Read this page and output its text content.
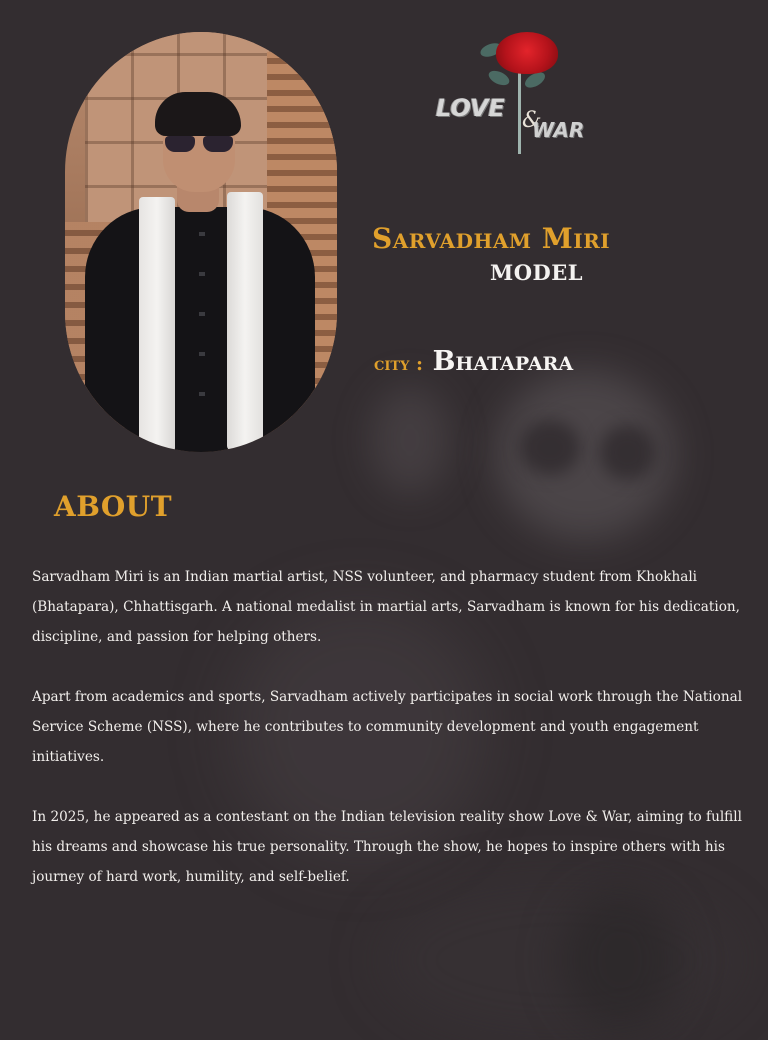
LOVE &
WAR
Sarvadham Miri
MODEL
city : Bhatapara
ABOUT

Sarvadham Miri is an Indian martial artist, NSS volunteer, and pharmacy student from Khokhali (Bhatapara), Chhattisgarh. A national medalist in martial arts, Sarvadham is known for his dedication, discipline, and passion for helping others.

Apart from academics and sports, Sarvadham actively participates in social work through the National Service Scheme (NSS), where he contributes to community development and youth engagement initiatives.

In 2025, he appeared as a contestant on the Indian television reality show Love & War, aiming to fulfill his dreams and showcase his true personality. Through the show, he hopes to inspire others with his journey of hard work, humility, and self-belief.
